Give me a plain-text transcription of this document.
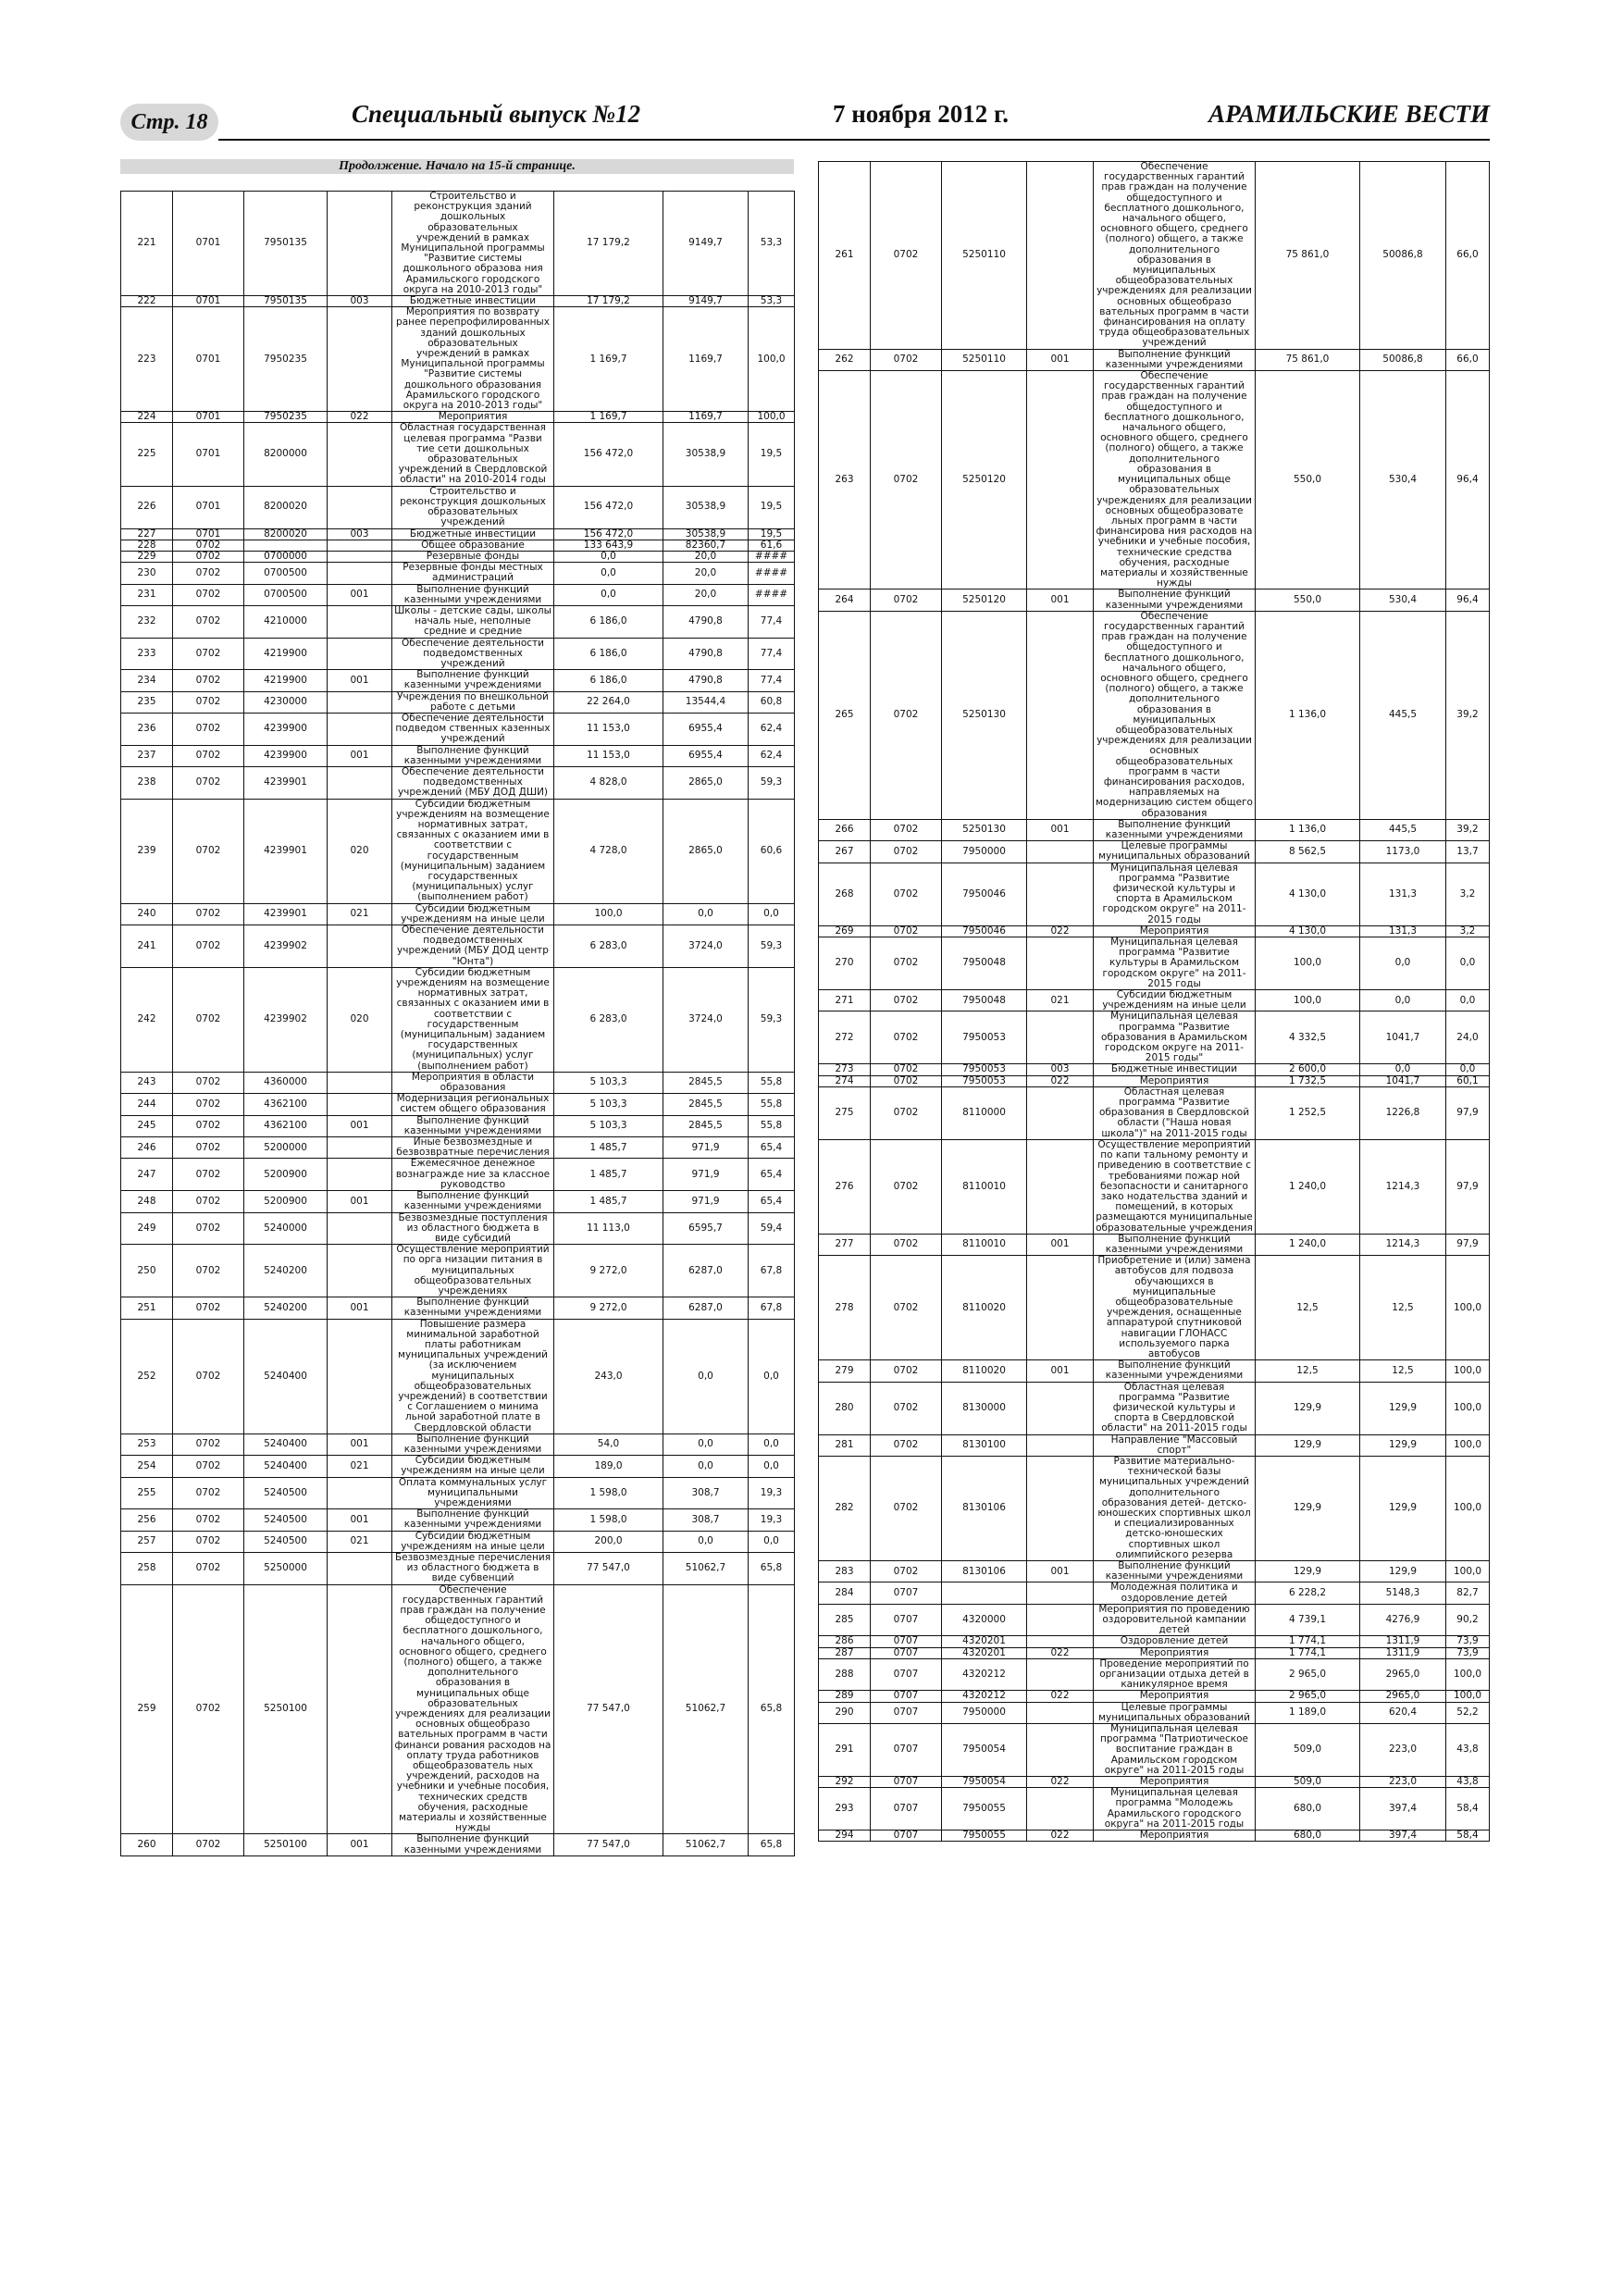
Стр. 18	Специальный выпуск №12	7 ноября 2012 г.	АРАМИЛЬСКИЕ ВЕСТИ
Продолжение. Начало на 15-й странице.
221	0701	7950135		Строительство и реконструкция зданий дошкольных образовательных учреждений в рамках Муниципальной программы "Развитие системы дошкольного образова ния Арамильского городского округа на 2010-2013 годы"	17 179,2	9149,7	53,3
222	0701	7950135	003	Бюджетные инвестиции	17 179,2	9149,7	53,3
223	0701	7950235		Мероприятия по возврату ранее перепрофилированных зданий дошкольных образовательных учреждений в рамках Муниципальной программы "Развитие системы дошкольного образования Арамильского городского округа на 2010-2013 годы"	1 169,7	1169,7	100,0
224	0701	7950235	022	Мероприятия	1 169,7	1169,7	100,0
225	0701	8200000		Областная государственная целевая программа "Разви тие сети дошкольных образовательных учреждений в Свердловской области" на 2010-2014 годы	156 472,0	30538,9	19,5
226	0701	8200020		Строительство и реконструкция дошкольных образовательных учреждений	156 472,0	30538,9	19,5
227	0701	8200020	003	Бюджетные инвестиции	156 472,0	30538,9	19,5
228	0702			Общее образование	133 643,9	82360,7	61,6
229	0702	0700000		Резервные фонды	0,0	20,0	####
230	0702	0700500		Резервные фонды местных администраций	0,0	20,0	####
231	0702	0700500	001	Выполнение функций казенными учреждениями	0,0	20,0	####
232	0702	4210000		Школы - детские сады, школы началь ные, неполные средние и средние	6 186,0	4790,8	77,4
233	0702	4219900		Обеспечение деятельности подведомственных учреждений	6 186,0	4790,8	77,4
234	0702	4219900	001	Выполнение функций казенными учреждениями	6 186,0	4790,8	77,4
235	0702	4230000		Учреждения по внешкольной работе с детьми	22 264,0	13544,4	60,8
236	0702	4239900		Обеспечение деятельности подведом ственных казенных учреждений	11 153,0	6955,4	62,4
237	0702	4239900	001	Выполнение функций казенными учреждениями	11 153,0	6955,4	62,4
238	0702	4239901		Обеспечение деятельности подведомственных учреждений (МБУ ДОД ДШИ)	4 828,0	2865,0	59,3
239	0702	4239901	020	Субсидии бюджетным учреждениям на возмещение нормативных затрат, связанных с оказанием ими в соответствии с государственным (муниципальным) заданием государственных (муниципальных) услуг (выполнением работ)	4 728,0	2865,0	60,6
240	0702	4239901	021	Субсидии бюджетным учреждениям на иные цели	100,0	0,0	0,0
241	0702	4239902		Обеспечение деятельности подведомственных учреждений (МБУ ДОД центр "Юнта")	6 283,0	3724,0	59,3
242	0702	4239902	020	Субсидии бюджетным учреждениям на возмещение нормативных затрат, связанных с оказанием ими в соответствии с государственным (муниципальным) заданием государственных (муниципальных) услуг (выполнением работ)	6 283,0	3724,0	59,3
243	0702	4360000		Мероприятия в области образования	5 103,3	2845,5	55,8
244	0702	4362100		Модернизация региональных систем общего образования	5 103,3	2845,5	55,8
245	0702	4362100	001	Выполнение функций казенными учреждениями	5 103,3	2845,5	55,8
246	0702	5200000		Иные безвозмездные и безвозвратные перечисления	1 485,7	971,9	65,4
247	0702	5200900		Ежемесячное денежное вознагражде ние за классное руководство	1 485,7	971,9	65,4
248	0702	5200900	001	Выполнение функций казенными учреждениями	1 485,7	971,9	65,4
249	0702	5240000		Безвозмездные поступления из областного бюджета в виде субсидий	11 113,0	6595,7	59,4
250	0702	5240200		Осуществление мероприятий по орга низации питания в муниципальных общеобразовательных учреждениях	9 272,0	6287,0	67,8
251	0702	5240200	001	Выполнение функций казенными учреждениями	9 272,0	6287,0	67,8
252	0702	5240400		Повышение размера минимальной заработной платы работникам муниципальных учреждений (за исключением муниципальных общеобразовательных учреждений) в соответствии с Соглашением о минима льной заработной плате в Свердловской области	243,0	0,0	0,0
253	0702	5240400	001	Выполнение функций казенными учреждениями	54,0	0,0	0,0
254	0702	5240400	021	Субсидии бюджетным учреждениям на иные цели	189,0	0,0	0,0
255	0702	5240500		Оплата коммунальных услуг муниципальными учреждениями	1 598,0	308,7	19,3
256	0702	5240500	001	Выполнение функций казенными учреждениями	1 598,0	308,7	19,3
257	0702	5240500	021	Субсидии бюджетным учреждениям на иные цели	200,0	0,0	0,0
258	0702	5250000		Безвозмездные перечисления из областного бюджета в виде субвенций	77 547,0	51062,7	65,8
259	0702	5250100		Обеспечение государственных гарантий прав граждан на получение общедоступного и бесплатного дошкольного, начального общего, основного общего, среднего (полного) общего, а также дополнительного образования в муниципальных обще образовательных учреждениях для реализации основных общеобразо вательных программ в части финанси рования расходов на оплату труда работников общеобразователь ных учреждений, расходов на учебники и учебные пособия, технических средств обучения, расходные материалы и хозяйственные нужды	77 547,0	51062,7	65,8
260	0702	5250100	001	Выполнение функций казенными учреждениями	77 547,0	51062,7	65,8
261	0702	5250110		Обеспечение государственных гарантий прав граждан на получение общедоступного и бесплатного дошкольного, начального общего, основного общего, среднего (полного) общего, а также дополнительного образования в муниципальных общеобразовательных учреждениях для реализации основных общеобразо вательных программ в части финансирования на оплату труда общеобразовательных учреждений	75 861,0	50086,8	66,0
262	0702	5250110	001	Выполнение функций казенными учреждениями	75 861,0	50086,8	66,0
263	0702	5250120		Обеспечение государственных гарантий прав граждан на получение общедоступного и бесплатного дошкольного, начального общего, основного общего, среднего (полного) общего, а также дополнительного образования в муниципальных обще образовательных учреждениях для реализации основных общеобразовате льных программ в части финансирова ния расходов на учебники и учебные пособия, технические средства обучения, расходные материалы и хозяйственные нужды	550,0	530,4	96,4
264	0702	5250120	001	Выполнение функций казенными учреждениями	550,0	530,4	96,4
265	0702	5250130		Обеспечение государственных гарантий прав граждан на получение общедоступного и бесплатного дошкольного, начального общего, основного общего, среднего (полного) общего, а также дополнительного образования в муниципальных общеобразовательных учреждениях для реализации основных общеобразовательных программ в части финансирования расходов, направляемых на модернизацию систем общего образования	1 136,0	445,5	39,2
266	0702	5250130	001	Выполнение функций казенными учреждениями	1 136,0	445,5	39,2
267	0702	7950000		Целевые программы муниципальных образований	8 562,5	1173,0	13,7
268	0702	7950046		Муниципальная целевая программа "Развитие физической культуры и спорта в Арамильском городском округе" на 2011-2015 годы	4 130,0	131,3	3,2
269	0702	7950046	022	Мероприятия	4 130,0	131,3	3,2
270	0702	7950048		Муниципальная целевая программа "Развитие культуры в Арамильском городском округе" на 2011-2015 годы	100,0	0,0	0,0
271	0702	7950048	021	Субсидии бюджетным учреждениям на иные цели	100,0	0,0	0,0
272	0702	7950053		Муниципальная целевая программа "Развитие образования в Арамильском городском округе на 2011-2015 годы"	4 332,5	1041,7	24,0
273	0702	7950053	003	Бюджетные инвестиции	2 600,0	0,0	0,0
274	0702	7950053	022	Мероприятия	1 732,5	1041,7	60,1
275	0702	8110000		Областная целевая программа "Развитие образования в Свердловской области ("Наша новая школа")" на 2011-2015 годы	1 252,5	1226,8	97,9
276	0702	8110010		Осуществление мероприятий по капи тальному ремонту и приведению в соответствие с требованиями пожар ной безопасности и санитарного зако нодательства зданий и помещений, в которых размещаются муниципальные образовательные учреждения	1 240,0	1214,3	97,9
277	0702	8110010	001	Выполнение функций казенными учреждениями	1 240,0	1214,3	97,9
278	0702	8110020		Приобретение и (или) замена автобусов для подвоза обучающихся в муниципальные общеобразовательные учреждения, оснащенные аппаратурой спутниковой навигации ГЛОНАСС используемого парка автобусов	12,5	12,5	100,0
279	0702	8110020	001	Выполнение функций казенными учреждениями	12,5	12,5	100,0
280	0702	8130000		Областная целевая программа "Развитие физической культуры и спорта в Свердловской области" на 2011-2015 годы	129,9	129,9	100,0
281	0702	8130100		Направление "Массовый спорт"	129,9	129,9	100,0
282	0702	8130106		Развитие материально-технической базы муниципальных учреждений дополнительного образования детей- детско-юношеских спортивных школ и специализированных детско-юношеских спортивных школ олимпийского резерва	129,9	129,9	100,0
283	0702	8130106	001	Выполнение функций казенными учреждениями	129,9	129,9	100,0
284	0707			Молодежная политика и оздоровление детей	6 228,2	5148,3	82,7
285	0707	4320000		Мероприятия по проведению оздоровительной кампании детей	4 739,1	4276,9	90,2
286	0707	4320201		Оздоровление детей	1 774,1	1311,9	73,9
287	0707	4320201	022	Мероприятия	1 774,1	1311,9	73,9
288	0707	4320212		Проведение мероприятий по организации отдыха детей в каникулярное время	2 965,0	2965,0	100,0
289	0707	4320212	022	Мероприятия	2 965,0	2965,0	100,0
290	0707	7950000		Целевые программы муниципальных образований	1 189,0	620,4	52,2
291	0707	7950054		Муниципальная целевая программа "Патриотическое воспитание граждан в Арамильском городском округе" на 2011-2015 годы	509,0	223,0	43,8
292	0707	7950054	022	Мероприятия	509,0	223,0	43,8
293	0707	7950055		Муниципальная целевая программа "Молодежь Арамильского городского округа" на 2011-2015 годы	680,0	397,4	58,4
294	0707	7950055	022	Мероприятия	680,0	397,4	58,4
